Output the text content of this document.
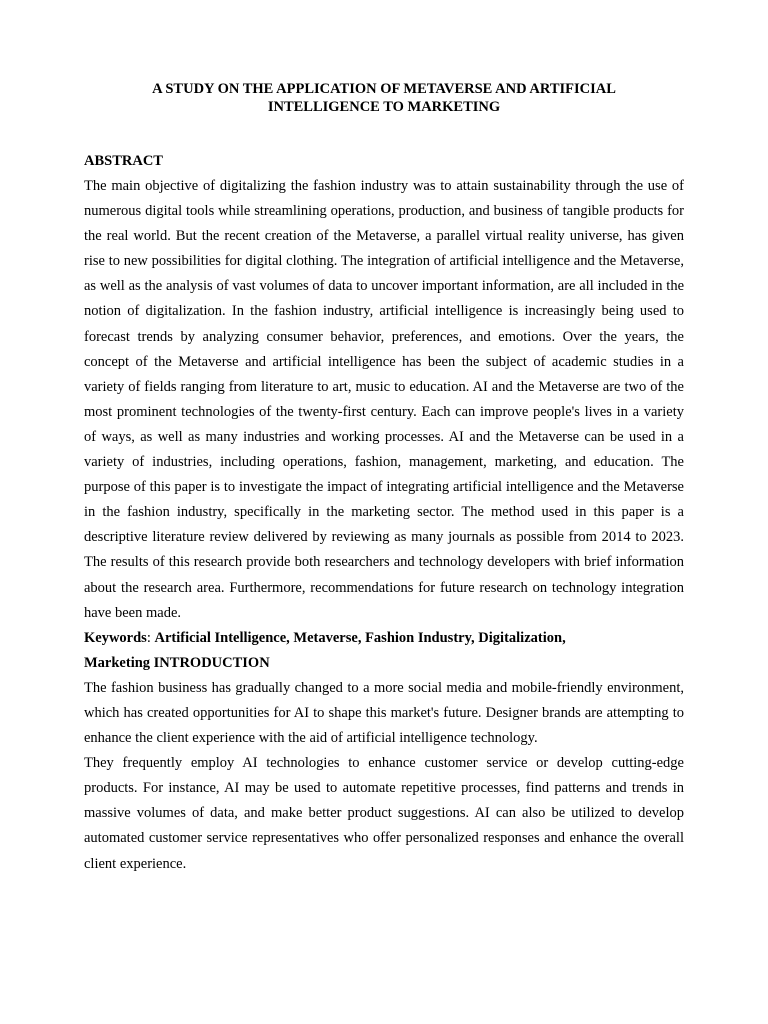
A STUDY ON THE APPLICATION OF METAVERSE AND ARTIFICIAL
INTELLIGENCE TO MARKETING

ABSTRACT

The main objective of digitalizing the fashion industry was to attain sustainability through the use of numerous digital tools while streamlining operations, production, and business of tangible products for the real world. But the recent creation of the Metaverse, a parallel virtual reality universe, has given rise to new possibilities for digital clothing. The integration of artificial intelligence and the Metaverse, as well as the analysis of vast volumes of data to uncover important information, are all included in the notion of digitalization. In the fashion industry, artificial intelligence is increasingly being used to forecast trends by analyzing consumer behavior, preferences, and emotions. Over the years, the concept of the Metaverse and artificial intelligence has been the subject of academic studies in a variety of fields ranging from literature to art, music to education. AI and the Metaverse are two of the most prominent technologies of the twenty-first century. Each can improve people's lives in a variety of ways, as well as many industries and working processes. AI and the Metaverse can be used in a variety of industries, including operations, fashion, management, marketing, and education. The purpose of this paper is to investigate the impact of integrating artificial intelligence and the Metaverse in the fashion industry, specifically in the marketing sector. The method used in this paper is a descriptive literature review delivered by reviewing as many journals as possible from 2014 to 2023. The results of this research provide both researchers and technology developers with brief information about the research area. Furthermore, recommendations for future research on technology integration have been made.

Keywords: Artificial Intelligence, Metaverse, Fashion Industry, Digitalization,

Marketing INTRODUCTION

The fashion business has gradually changed to a more social media and mobile-friendly environment, which has created opportunities for AI to shape this market's future. Designer brands are attempting to enhance the client experience with the aid of artificial intelligence technology.

They frequently employ AI technologies to enhance customer service or develop cutting-edge products. For instance, AI may be used to automate repetitive processes, find patterns and trends in massive volumes of data, and make better product suggestions. AI can also be utilized to develop automated customer service representatives who offer personalized responses and enhance the overall client experience.
